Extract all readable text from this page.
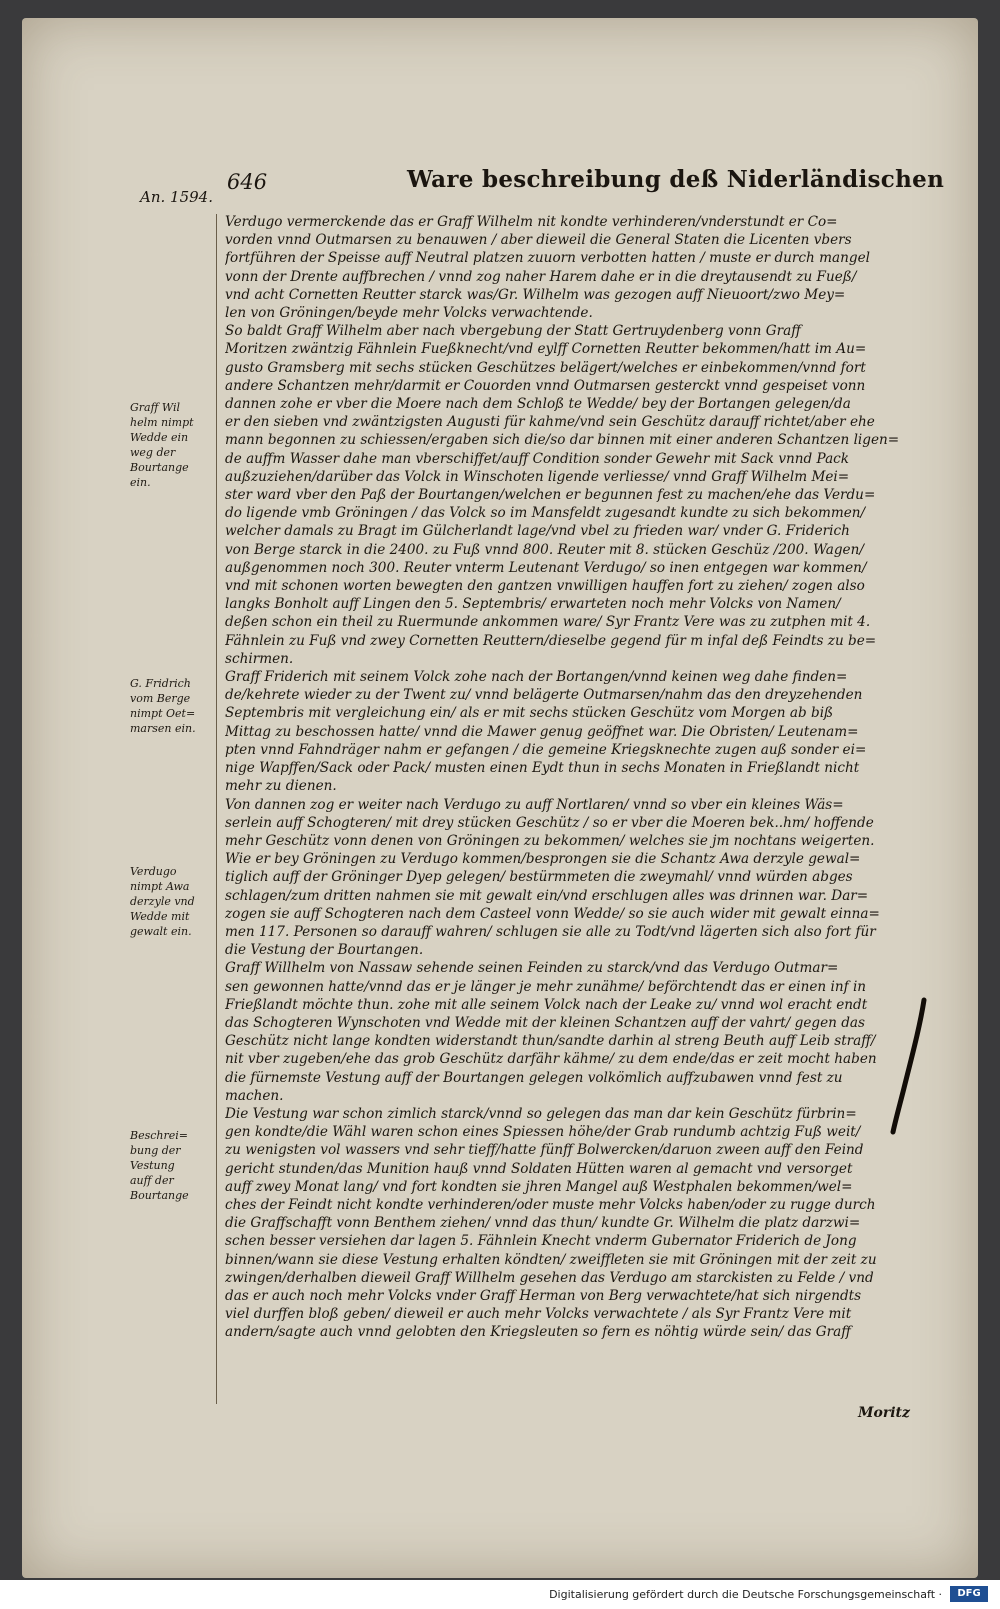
An. 1594.
646	Ware beschreibung deß Niderländischen
Graff Wil
helm nimpt
Wedde ein
weg der
Bourtange
ein.
G. Fridrich
vom Berge
nimpt Oet=
marsen ein.
Verdugo
nimpt Awa
derzyle vnd
Wedde mit
gewalt ein.
Beschrei=
bung der
Vestung
auff der
Bourtange
Verdugo vermerckende das er Graff Wilhelm nit kondte verhinderen/vnderstundt er Co=
vorden vnnd Outmarsen zu benauwen / aber dieweil die General Staten die Licenten vbers
fortführen der Speisse auff Neutral platzen zuuorn verbotten hatten / muste er durch mangel
vonn der Drente auffbrechen / vnnd zog naher Harem dahe er in die dreytausendt zu Fueß/
vnd acht Cornetten Reutter starck was/Gr. Wilhelm was gezogen auff Nieuoort/zwo Mey=
len von Gröningen/beyde mehr Volcks verwachtende.
So baldt Graff Wilhelm aber nach vbergebung der Statt Gertruydenberg vonn Graff
Moritzen zwäntzig Fähnlein Fueßknecht/vnd eylff Cornetten Reutter bekommen/hatt im Au=
gusto Gramsberg mit sechs stücken Geschützes belägert/welches er einbekommen/vnnd fort
andere Schantzen mehr/darmit er Couorden vnnd Outmarsen gesterckt vnnd gespeiset vonn
dannen zohe er vber die Moere nach dem Schloß te Wedde/ bey der Bortangen gelegen/da
er den sieben vnd zwäntzigsten Augusti für kahme/vnd sein Geschütz darauff richtet/aber ehe
mann begonnen zu schiessen/ergaben sich die/so dar binnen mit einer anderen Schantzen ligen=
de auffm Wasser dahe man vberschiffet/auff Condition sonder Gewehr mit Sack vnnd Pack
außzuziehen/darüber das Volck in Winschoten ligende verliesse/ vnnd Graff Wilhelm Mei=
ster ward vber den Paß der Bourtangen/welchen er begunnen fest zu machen/ehe das Verdu=
do ligende vmb Gröningen / das Volck so im Mansfeldt zugesandt kundte zu sich bekommen/
welcher damals zu Bragt im Gülcherlandt lage/vnd vbel zu frieden war/ vnder G. Friderich
von Berge starck in die 2400. zu Fuß vnnd 800. Reuter mit 8. stücken Geschüz /200. Wagen/
außgenommen noch 300. Reuter vnterm Leutenant Verdugo/ so inen entgegen war kommen/
vnd mit schonen worten bewegten den gantzen vnwilligen hauffen fort zu ziehen/ zogen also
langks Bonholt auff Lingen den 5. Septembris/ erwarteten noch mehr Volcks von Namen/
deßen schon ein theil zu Ruermunde ankommen ware/ Syr Frantz Vere was zu zutphen mit 4.
Fähnlein zu Fuß vnd zwey Cornetten Reuttern/dieselbe gegend für m infal deß Feindts zu be=
schirmen.
Graff Friderich mit seinem Volck zohe nach der Bortangen/vnnd keinen weg dahe finden=
de/kehrete wieder zu der Twent zu/ vnnd belägerte Outmarsen/nahm das den dreyzehenden
Septembris mit vergleichung ein/ als er mit sechs stücken Geschütz vom Morgen ab biß
Mittag zu beschossen hatte/ vnnd die Mawer genug geöffnet war. Die Obristen/ Leutenam=
pten vnnd Fahndräger nahm er gefangen / die gemeine Kriegsknechte zugen auß sonder ei=
nige Wapffen/Sack oder Pack/ musten einen Eydt thun in sechs Monaten in Frießlandt nicht
mehr zu dienen.
Von dannen zog er weiter nach Verdugo zu auff Nortlaren/ vnnd so vber ein kleines Wäs=
serlein auff Schogteren/ mit drey stücken Geschütz / so er vber die Moeren bek..hm/ hoffende
mehr Geschütz vonn denen von Gröningen zu bekommen/ welches sie jm nochtans weigerten.
Wie er bey Gröningen zu Verdugo kommen/besprongen sie die Schantz Awa derzyle gewal=
tiglich auff der Gröninger Dyep gelegen/ bestürmmeten die zweymahl/ vnnd würden abges
schlagen/zum dritten nahmen sie mit gewalt ein/vnd erschlugen alles was drinnen war. Dar=
zogen sie auff Schogteren nach dem Casteel vonn Wedde/ so sie auch wider mit gewalt einna=
men 117. Personen so darauff wahren/ schlugen sie alle zu Todt/vnd lägerten sich also fort für
die Vestung der Bourtangen.
Graff Willhelm von Nassaw sehende seinen Feinden zu starck/vnd das Verdugo Outmar=
sen gewonnen hatte/vnnd das er je länger je mehr zunähme/ beförchtendt das er einen inf in
Frießlandt möchte thun. zohe mit alle seinem Volck nach der Leake zu/ vnnd wol eracht endt
das Schogteren Wynschoten vnd Wedde mit der kleinen Schantzen auff der vahrt/ gegen das
Geschütz nicht lange kondten widerstandt thun/sandte darhin al streng Beuth auff Leib straff/
nit vber zugeben/ehe das grob Geschütz darfähr kähme/ zu dem ende/das er zeit mocht haben
die fürnemste Vestung auff der Bourtangen gelegen volkömlich auffzubawen vnnd fest zu
machen.
Die Vestung war schon zimlich starck/vnnd so gelegen das man dar kein Geschütz fürbrin=
gen kondte/die Wähl waren schon eines Spiessen höhe/der Grab rundumb achtzig Fuß weit/
zu wenigsten vol wassers vnd sehr tieff/hatte fünff Bolwercken/daruon zween auff den Feind
gericht stunden/das Munition hauß vnnd Soldaten Hütten waren al gemacht vnd versorget
auff zwey Monat lang/ vnd fort kondten sie jhren Mangel auß Westphalen bekommen/wel=
ches der Feindt nicht kondte verhinderen/oder muste mehr Volcks haben/oder zu rugge durch
die Graffschafft vonn Benthem ziehen/ vnnd das thun/ kundte Gr. Wilhelm die platz darzwi=
schen besser versiehen dar lagen 5. Fähnlein Knecht vnderm Gubernator Friderich de Jong
binnen/wann sie diese Vestung erhalten köndten/ zweiffleten sie mit Gröningen mit der zeit zu
zwingen/derhalben dieweil Graff Willhelm gesehen das Verdugo am starckisten zu Felde / vnd
das er auch noch mehr Volcks vnder Graff Herman von Berg verwachtete/hat sich nirgendts
viel durffen bloß geben/ dieweil er auch mehr Volcks verwachtete / als Syr Frantz Vere mit
andern/sagte auch vnnd gelobten den Kriegsleuten so fern es nöhtig würde sein/ das Graff
Moritz
Digitalisierung gefördert durch die Deutsche Forschungsgemeinschaft ·	DFG
